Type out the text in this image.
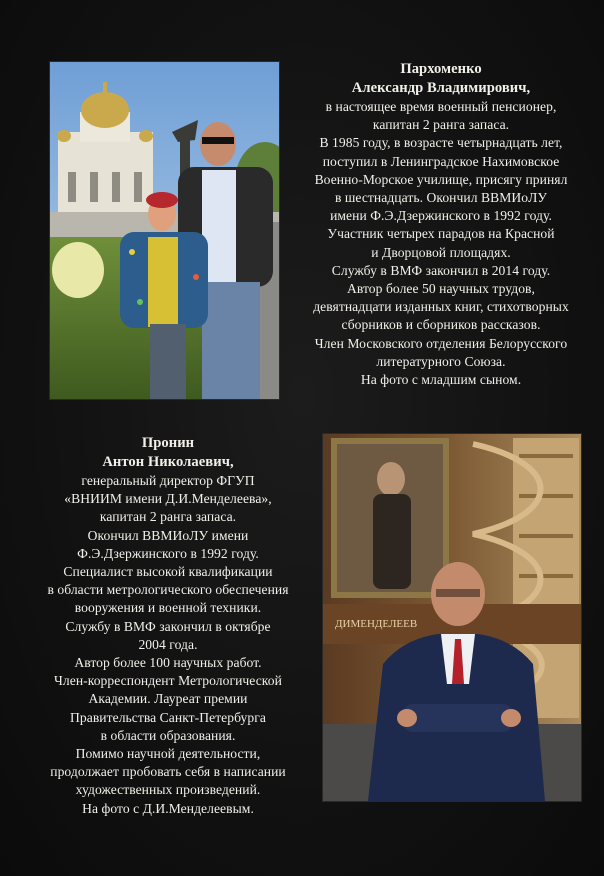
Пархоменко
Александр Владимирович,
в настоящее время военный пенсионер,
капитан 2 ранга запаса.
В 1985 году, в возрасте четырнадцать лет,
поступил в Ленинградское Нахимовское
Военно-Морское училище, присягу принял
в шестнадцать. Окончил ВВМИоЛУ
имени Ф.Э.Дзержинского в 1992 году.
Участник четырех парадов на Красной
и Дворцовой площадях.
Службу в ВМФ закончил в 2014 году.
Автор более 50 научных трудов,
девятнадцати изданных книг, стихотворных
сборников и сборников рассказов.
Член Московского отделения Белорусского
литературного Союза.
На фото с младшим сыном.
Пронин
Антон Николаевич,
генеральный директор ФГУП
«ВНИИМ имени Д.И.Менделеева»,
капитан 2 ранга запаса.
Окончил ВВМИоЛУ имени
Ф.Э.Дзержинского в 1992 году.
Специалист высокой квалификации
в области метрологического обеспечения
вооружения и военной техники.
Службу в ВМФ закончил в октябре
2004 года.
Автор более 100 научных работ.
Член-корреспондент Метрологической
Академии. Лауреат премии
Правительства Санкт-Петербурга
в области образования.
Помимо научной деятельности,
продолжает пробовать себя в написании
художественных произведений.
На фото с Д.И.Менделеевым.
ДИМЕНДЕЛЕЕВ
